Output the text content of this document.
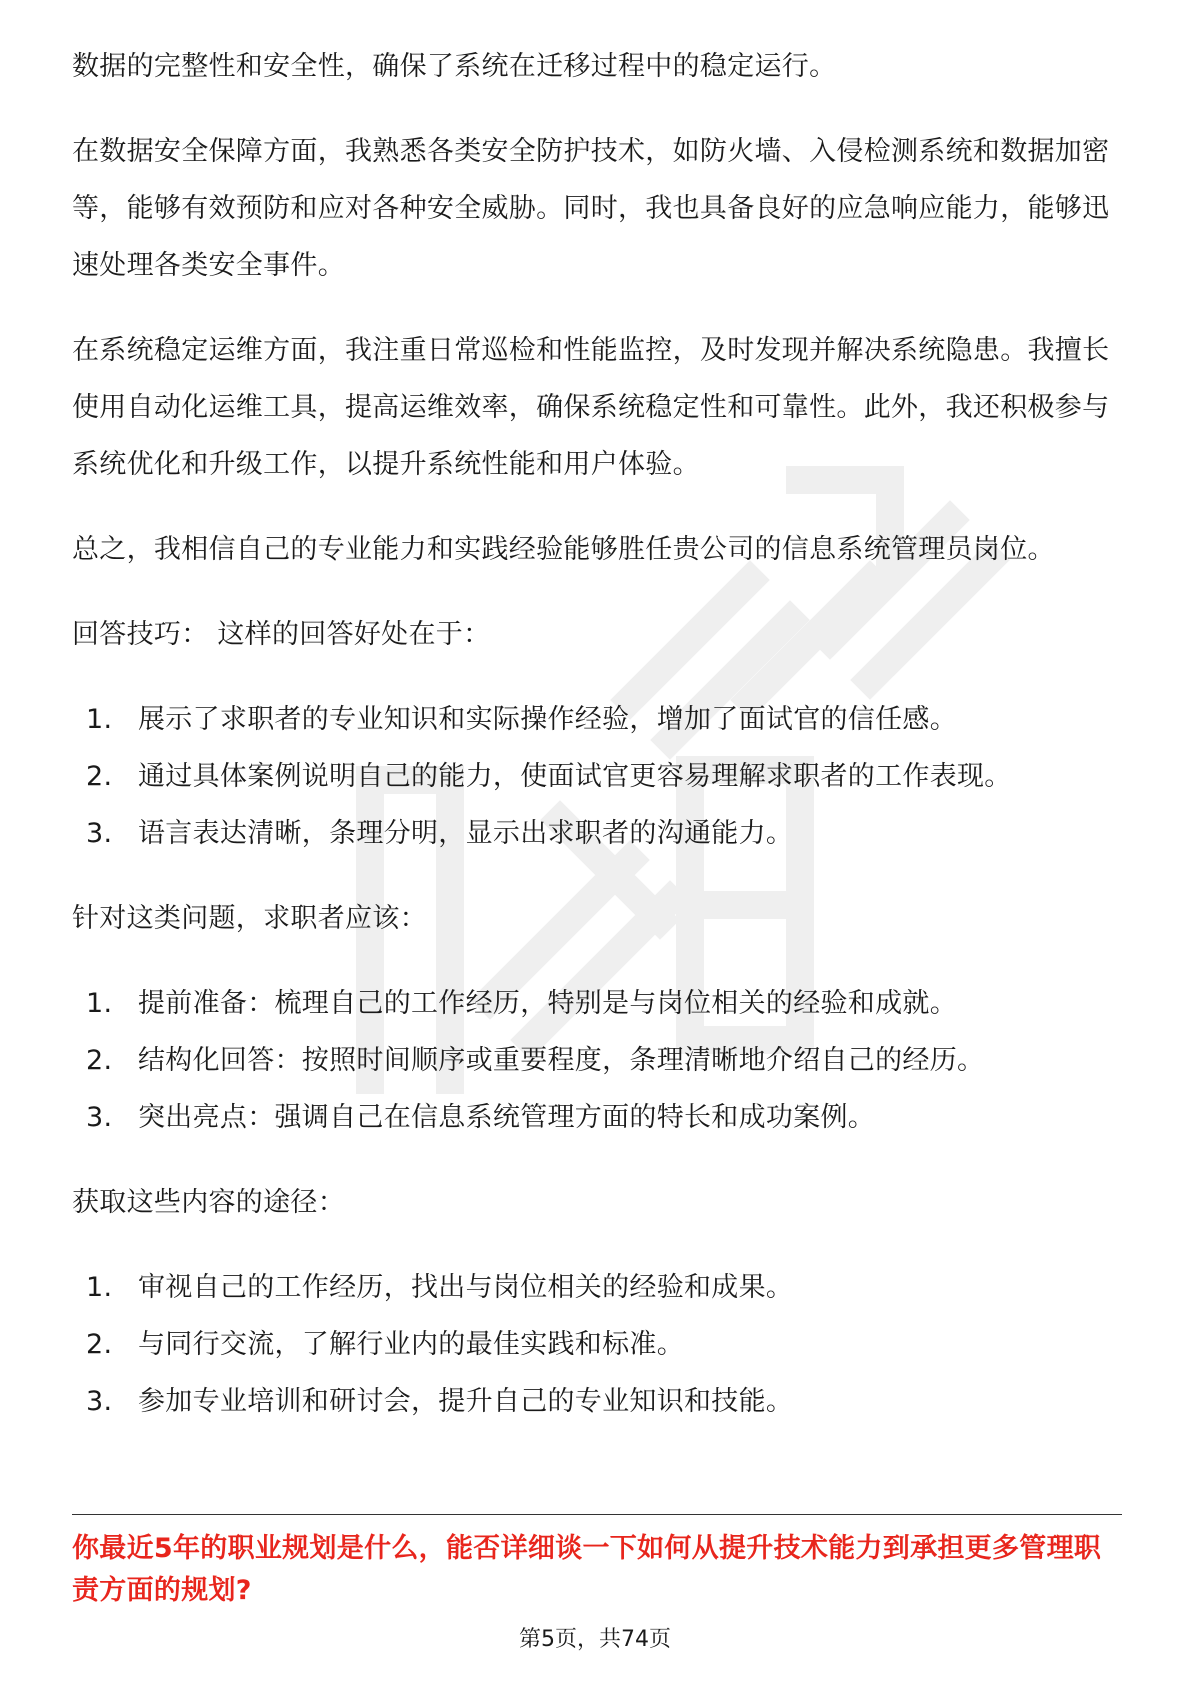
数据的完整性和安全性，确保了系统在迁移过程中的稳定运行。

在数据安全保障方面，我熟悉各类安全防护技术，如防火墙、入侵检测系统和数据加密等，能够有效预防和应对各种安全威胁。同时，我也具备良好的应急响应能力，能够迅速处理各类安全事件。

在系统稳定运维方面，我注重日常巡检和性能监控，及时发现并解决系统隐患。我擅长使用自动化运维工具，提高运维效率，确保系统稳定性和可靠性。此外，我还积极参与系统优化和升级工作，以提升系统性能和用户体验。

总之，我相信自己的专业能力和实践经验能够胜任贵公司的信息系统管理员岗位。

回答技巧： 这样的回答好处在于：

1. 展示了求职者的专业知识和实际操作经验，增加了面试官的信任感。
2. 通过具体案例说明自己的能力，使面试官更容易理解求职者的工作表现。
3. 语言表达清晰，条理分明，显示出求职者的沟通能力。

针对这类问题，求职者应该：

1. 提前准备：梳理自己的工作经历，特别是与岗位相关的经验和成就。
2. 结构化回答：按照时间顺序或重要程度，条理清晰地介绍自己的经历。
3. 突出亮点：强调自己在信息系统管理方面的特长和成功案例。

获取这些内容的途径：

1. 审视自己的工作经历，找出与岗位相关的经验和成果。
2. 与同行交流，了解行业内的最佳实践和标准。
3. 参加专业培训和研讨会，提升自己的专业知识和技能。
你最近5年的职业规划是什么，能否详细谈一下如何从提升技术能力到承担更多管理职责方面的规划?
第5页，共74页
